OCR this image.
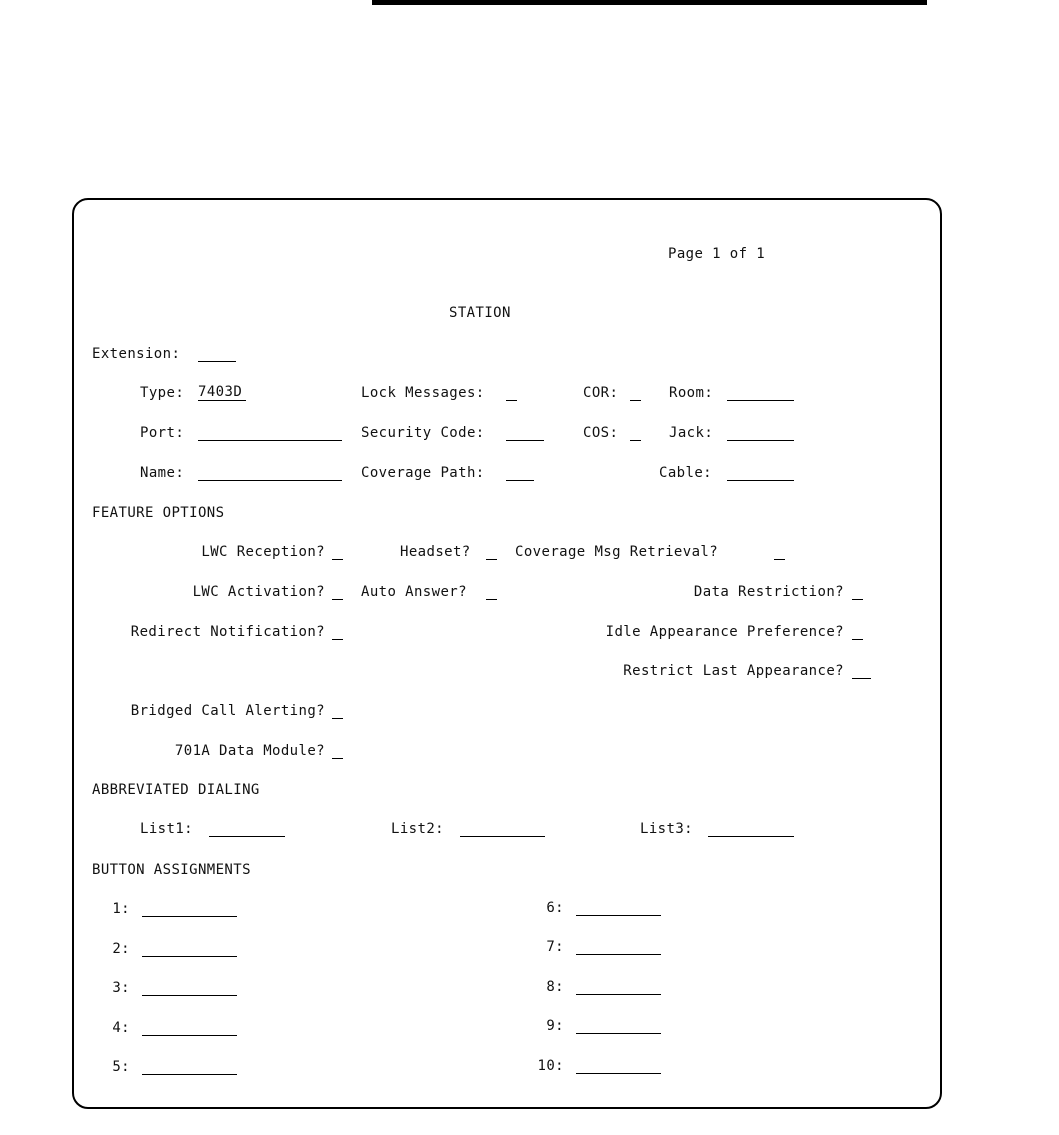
Page 1 of 1
STATION
Extension:
Type: 7403D	Lock Messages:	COR:	Room:
Port:	Security Code:	COS:	Jack:
Name:	Coverage Path:	Cable:
FEATURE OPTIONS
LWC Reception?	Headset?	Coverage Msg Retrieval?
LWC Activation?	Auto Answer?	Data Restriction?
Redirect Notification?	Idle Appearance Preference?
Restrict Last Appearance?
Bridged Call Alerting?
701A Data Module?
ABBREVIATED DIALING
List1:	List2:	List3:
BUTTON ASSIGNMENTS
1:
2:
3:
4:
5:
6:
7:
8:
9:
10:
